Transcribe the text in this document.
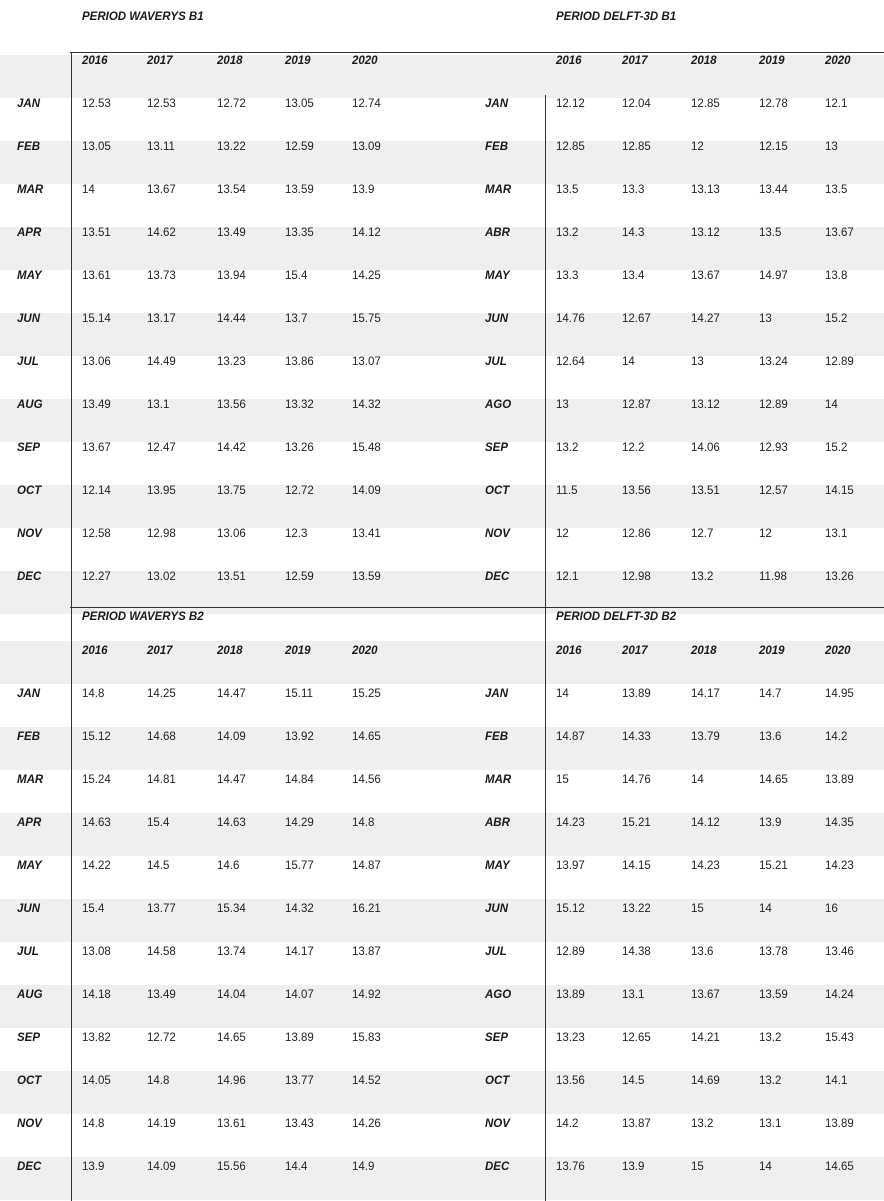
PERIOD WAVERYS B1
2016	2017	2018	2019	2020
JAN	12.53	12.53	12.72	13.05	12.74
FEB	13.05	13.11	13.22	12.59	13.09
MAR	14	13.67	13.54	13.59	13.9
APR	13.51	14.62	13.49	13.35	14.12
MAY	13.61	13.73	13.94	15.4	14.25
JUN	15.14	13.17	14.44	13.7	15.75
JUL	13.06	14.49	13.23	13.86	13.07
AUG	13.49	13.1	13.56	13.32	14.32
SEP	13.67	12.47	14.42	13.26	15.48
OCT	12.14	13.95	13.75	12.72	14.09
NOV	12.58	12.98	13.06	12.3	13.41
DEC	12.27	13.02	13.51	12.59	13.59
PERIOD DELFT-3D B1
2016	2017	2018	2019	2020
JAN	12.12	12.04	12.85	12.78	12.1
FEB	12.85	12.85	12	12.15	13
MAR	13.5	13.3	13.13	13.44	13.5
ABR	13.2	14.3	13.12	13.5	13.67
MAY	13.3	13.4	13.67	14.97	13.8
JUN	14.76	12.67	14.27	13	15.2
JUL	12.64	14	13	13.24	12.89
AGO	13	12.87	13.12	12.89	14
SEP	13.2	12.2	14.06	12.93	15.2
OCT	11.5	13.56	13.51	12.57	14.15
NOV	12	12.86	12.7	12	13.1
DEC	12.1	12.98	13.2	11.98	13.26
PERIOD WAVERYS B2
2016	2017	2018	2019	2020
JAN	14.8	14.25	14.47	15.11	15.25
FEB	15.12	14.68	14.09	13.92	14.65
MAR	15.24	14.81	14.47	14.84	14.56
APR	14.63	15.4	14.63	14.29	14.8
MAY	14.22	14.5	14.6	15.77	14.87
JUN	15.4	13.77	15.34	14.32	16.21
JUL	13.08	14.58	13.74	14.17	13.87
AUG	14.18	13.49	14.04	14.07	14.92
SEP	13.82	12.72	14.65	13.89	15.83
OCT	14.05	14.8	14.96	13.77	14.52
NOV	14.8	14.19	13.61	13.43	14.26
DEC	13.9	14.09	15.56	14.4	14.9
PERIOD DELFT-3D B2
2016	2017	2018	2019	2020
JAN	14	13.89	14.17	14.7	14.95
FEB	14.87	14.33	13.79	13.6	14.2
MAR	15	14.76	14	14.65	13.89
ABR	14.23	15.21	14.12	13.9	14.35
MAY	13.97	14.15	14.23	15.21	14.23
JUN	15.12	13.22	15	14	16
JUL	12.89	14.38	13.6	13.78	13.46
AGO	13.89	13.1	13.67	13.59	14.24
SEP	13.23	12.65	14.21	13.2	15.43
OCT	13.56	14.5	14.69	13.2	14.1
NOV	14.2	13.87	13.2	13.1	13.89
DEC	13.76	13.9	15	14	14.65
